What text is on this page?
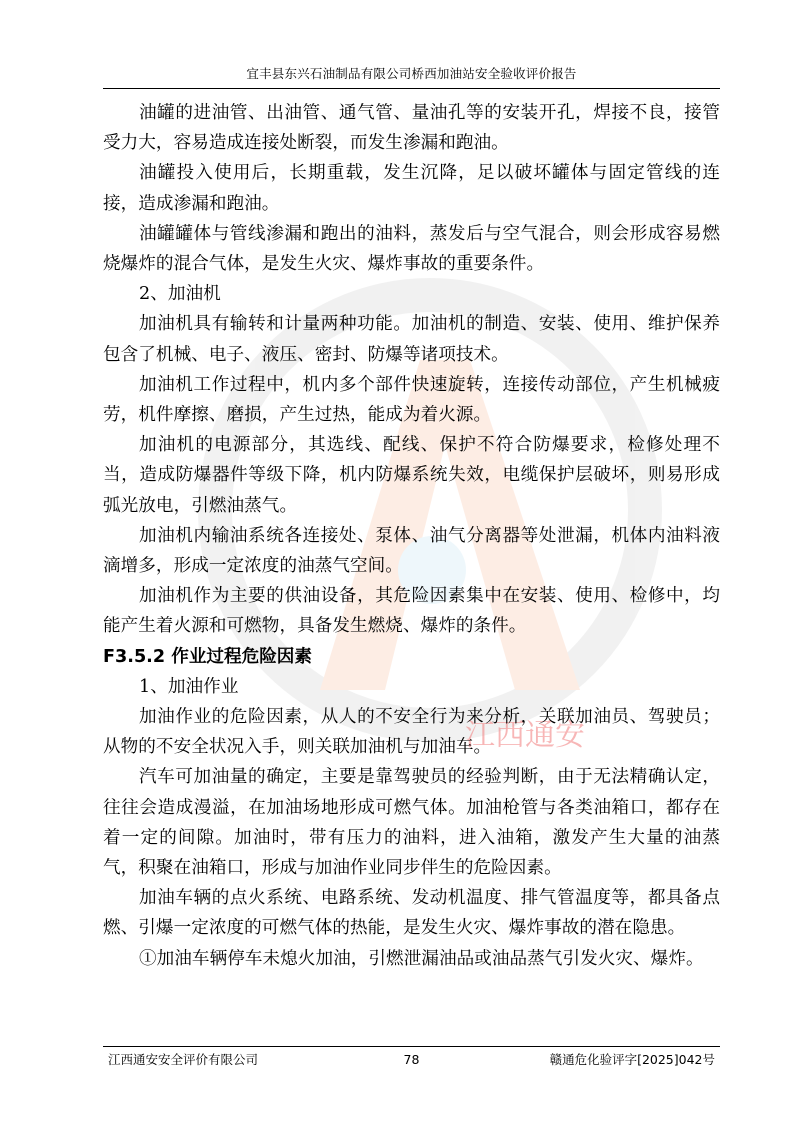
江西通安
宜丰县东兴石油制品有限公司桥西加油站安全验收评价报告

油罐的进油管、出油管、通气管、量油孔等的安装开孔，焊接不良，接管受力大，容易造成连接处断裂，而发生渗漏和跑油。

油罐投入使用后，长期重载，发生沉降，足以破坏罐体与固定管线的连接，造成渗漏和跑油。

油罐罐体与管线渗漏和跑出的油料，蒸发后与空气混合，则会形成容易燃烧爆炸的混合气体，是发生火灾、爆炸事故的重要条件。

2、加油机

加油机具有输转和计量两种功能。加油机的制造、安装、使用、维护保养包含了机械、电子、液压、密封、防爆等诸项技术。

加油机工作过程中，机内多个部件快速旋转，连接传动部位，产生机械疲劳，机件摩擦、磨损，产生过热，能成为着火源。

加油机的电源部分，其选线、配线、保护不符合防爆要求，检修处理不当，造成防爆器件等级下降，机内防爆系统失效，电缆保护层破坏，则易形成弧光放电，引燃油蒸气。

加油机内输油系统各连接处、泵体、油气分离器等处泄漏，机体内油料液滴增多，形成一定浓度的油蒸气空间。

加油机作为主要的供油设备，其危险因素集中在安装、使用、检修中，均能产生着火源和可燃物，具备发生燃烧、爆炸的条件。

F3.5.2 作业过程危险因素

1、加油作业

加油作业的危险因素，从人的不安全行为来分析，关联加油员、驾驶员；从物的不安全状况入手，则关联加油机与加油车。

汽车可加油量的确定，主要是靠驾驶员的经验判断，由于无法精确认定，往往会造成漫溢，在加油场地形成可燃气体。加油枪管与各类油箱口，都存在着一定的间隙。加油时，带有压力的油料，进入油箱，激发产生大量的油蒸气，积聚在油箱口，形成与加油作业同步伴生的危险因素。

加油车辆的点火系统、电路系统、发动机温度、排气管温度等，都具备点燃、引爆一定浓度的可燃气体的热能，是发生火灾、爆炸事故的潜在隐患。

①加油车辆停车未熄火加油，引燃泄漏油品或油品蒸气引发火灾、爆炸。

江西通安安全评价有限公司	78	赣通危化验评字[2025]042号
